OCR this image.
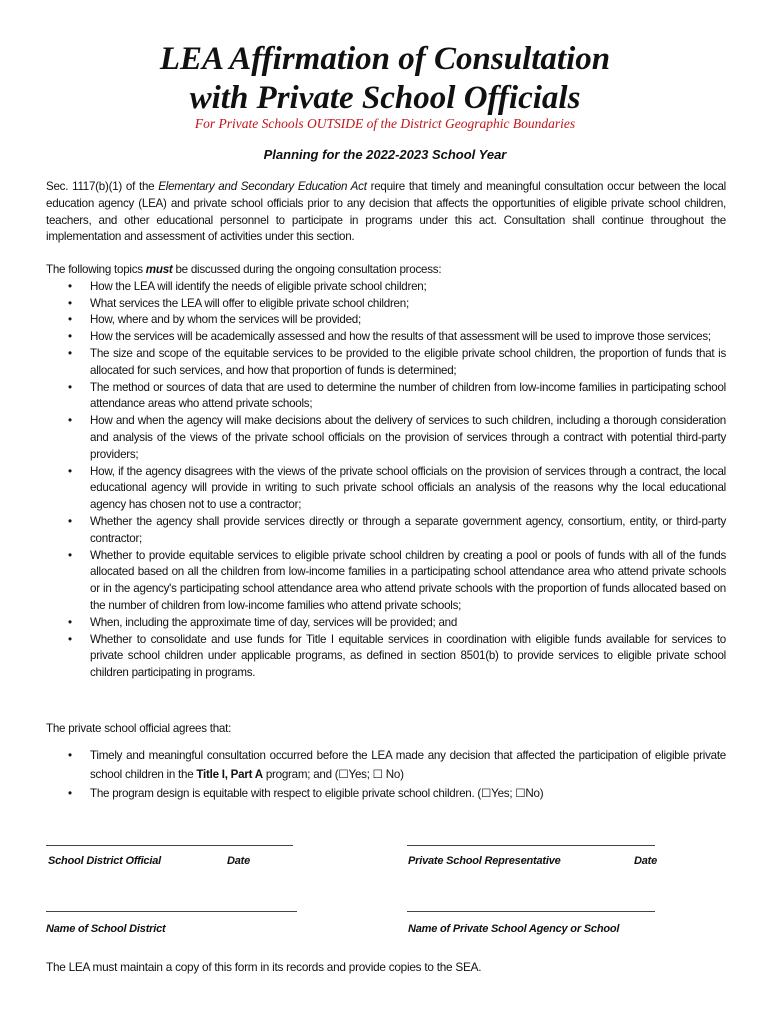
LEA Affirmation of Consultation
with Private School Officials
For Private Schools OUTSIDE of the District Geographic Boundaries
Planning for the 2022-2023 School Year

Sec. 1117(b)(1) of the Elementary and Secondary Education Act require that timely and meaningful consultation occur between the local education agency (LEA) and private school officials prior to any decision that affects the opportunities of eligible private school children, teachers, and other educational personnel to participate in programs under this act. Consultation shall continue throughout the implementation and assessment of activities under this section.

The following topics must be discussed during the ongoing consultation process:

• How the LEA will identify the needs of eligible private school children;
• What services the LEA will offer to eligible private school children;
• How, where and by whom the services will be provided;
• How the services will be academically assessed and how the results of that assessment will be used to improve those services;
• The size and scope of the equitable services to be provided to the eligible private school children, the proportion of funds that is allocated for such services, and how that proportion of funds is determined;
• The method or sources of data that are used to determine the number of children from low-income families in participating school attendance areas who attend private schools;
• How and when the agency will make decisions about the delivery of services to such children, including a thorough consideration and analysis of the views of the private school officials on the provision of services through a contract with potential third-party providers;
• How, if the agency disagrees with the views of the private school officials on the provision of services through a contract, the local educational agency will provide in writing to such private school officials an analysis of the reasons why the local educational agency has chosen not to use a contractor;
• Whether the agency shall provide services directly or through a separate government agency, consortium, entity, or third-party contractor;
• Whether to provide equitable services to eligible private school children by creating a pool or pools of funds with all of the funds allocated based on all the children from low-income families in a participating school attendance area who attend private schools or in the agency's participating school attendance area who attend private schools with the proportion of funds allocated based on the number of children from low-income families who attend private schools;
• When, including the approximate time of day, services will be provided; and
• Whether to consolidate and use funds for Title I equitable services in coordination with eligible funds available for services to private school children under applicable programs, as defined in section 8501(b) to provide services to eligible private school children participating in programs.

The private school official agrees that:

• Timely and meaningful consultation occurred before the LEA made any decision that affected the participation of eligible private school children in the Title I, Part A program; and (☐Yes; ☐ No)
• The program design is equitable with respect to eligible private school children. (☐Yes; ☐No)
School District Official	Date	Private School Representative	Date
Name of School District	Name of Private School Agency or School
The LEA must maintain a copy of this form in its records and provide copies to the SEA.
